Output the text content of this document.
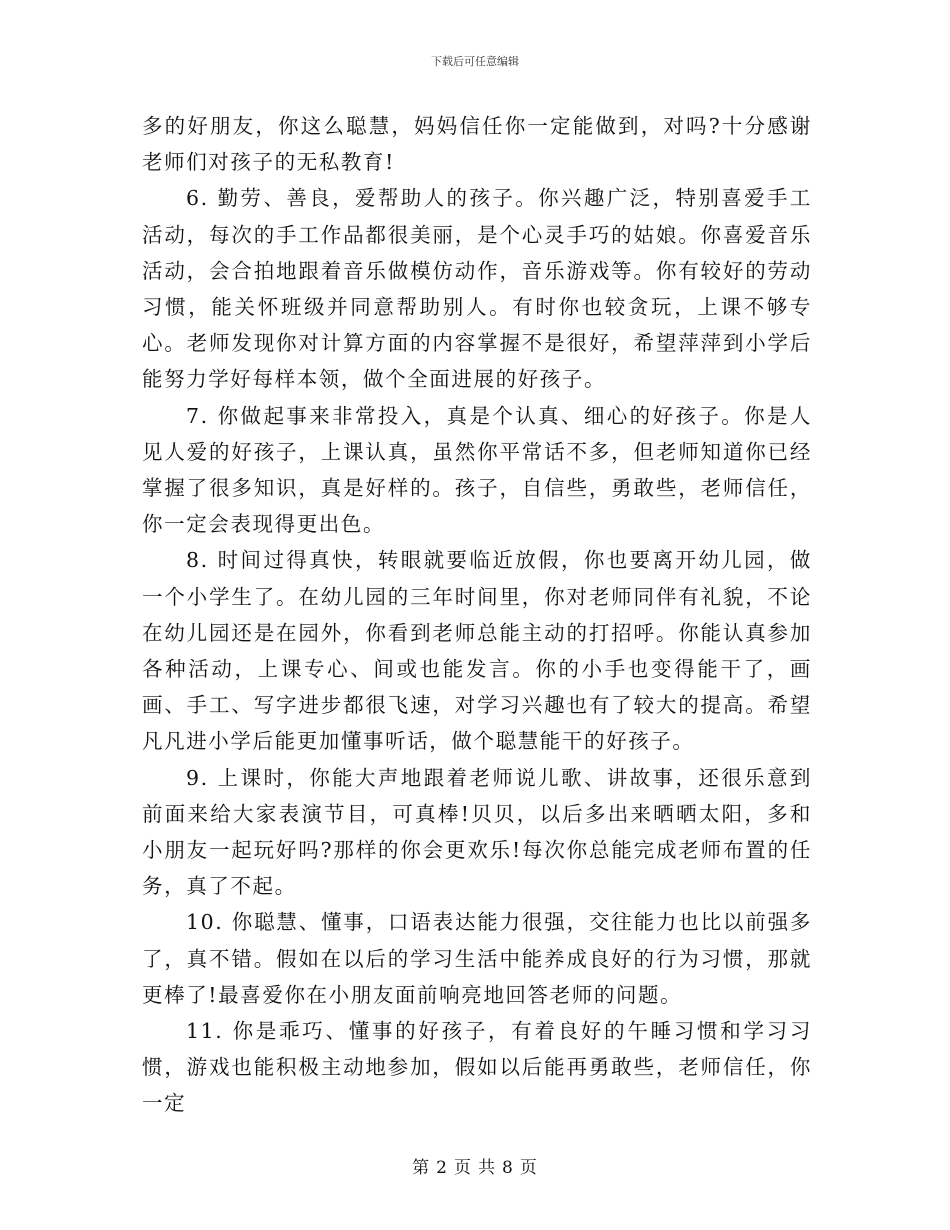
下载后可任意编辑

多的好朋友，你这么聪慧，妈妈信任你一定能做到，对吗?十分感谢老师们对孩子的无私教育!

6. 勤劳、善良，爱帮助人的孩子。你兴趣广泛，特别喜爱手工活动，每次的手工作品都很美丽，是个心灵手巧的姑娘。你喜爱音乐活动，会合拍地跟着音乐做模仿动作，音乐游戏等。你有较好的劳动习惯，能关怀班级并同意帮助别人。有时你也较贪玩，上课不够专心。老师发现你对计算方面的内容掌握不是很好，希望萍萍到小学后能努力学好每样本领，做个全面进展的好孩子。

7. 你做起事来非常投入，真是个认真、细心的好孩子。你是人见人爱的好孩子，上课认真，虽然你平常话不多，但老师知道你已经掌握了很多知识，真是好样的。孩子，自信些，勇敢些，老师信任，你一定会表现得更出色。

8. 时间过得真快，转眼就要临近放假，你也要离开幼儿园，做一个小学生了。在幼儿园的三年时间里，你对老师同伴有礼貌，不论在幼儿园还是在园外，你看到老师总能主动的打招呼。你能认真参加各种活动，上课专心、间或也能发言。你的小手也变得能干了，画画、手工、写字进步都很飞速，对学习兴趣也有了较大的提高。希望凡凡进小学后能更加懂事听话，做个聪慧能干的好孩子。

9. 上课时，你能大声地跟着老师说儿歌、讲故事，还很乐意到前面来给大家表演节目，可真棒!贝贝，以后多出来晒晒太阳，多和小朋友一起玩好吗?那样的你会更欢乐!每次你总能完成老师布置的任务，真了不起。

10. 你聪慧、懂事，口语表达能力很强，交往能力也比以前强多了，真不错。假如在以后的学习生活中能养成良好的行为习惯，那就更棒了!最喜爱你在小朋友面前响亮地回答老师的问题。

11. 你是乖巧、懂事的好孩子，有着良好的午睡习惯和学习习惯，游戏也能积极主动地参加，假如以后能再勇敢些，老师信任，你一定

第 2 页 共 8 页
